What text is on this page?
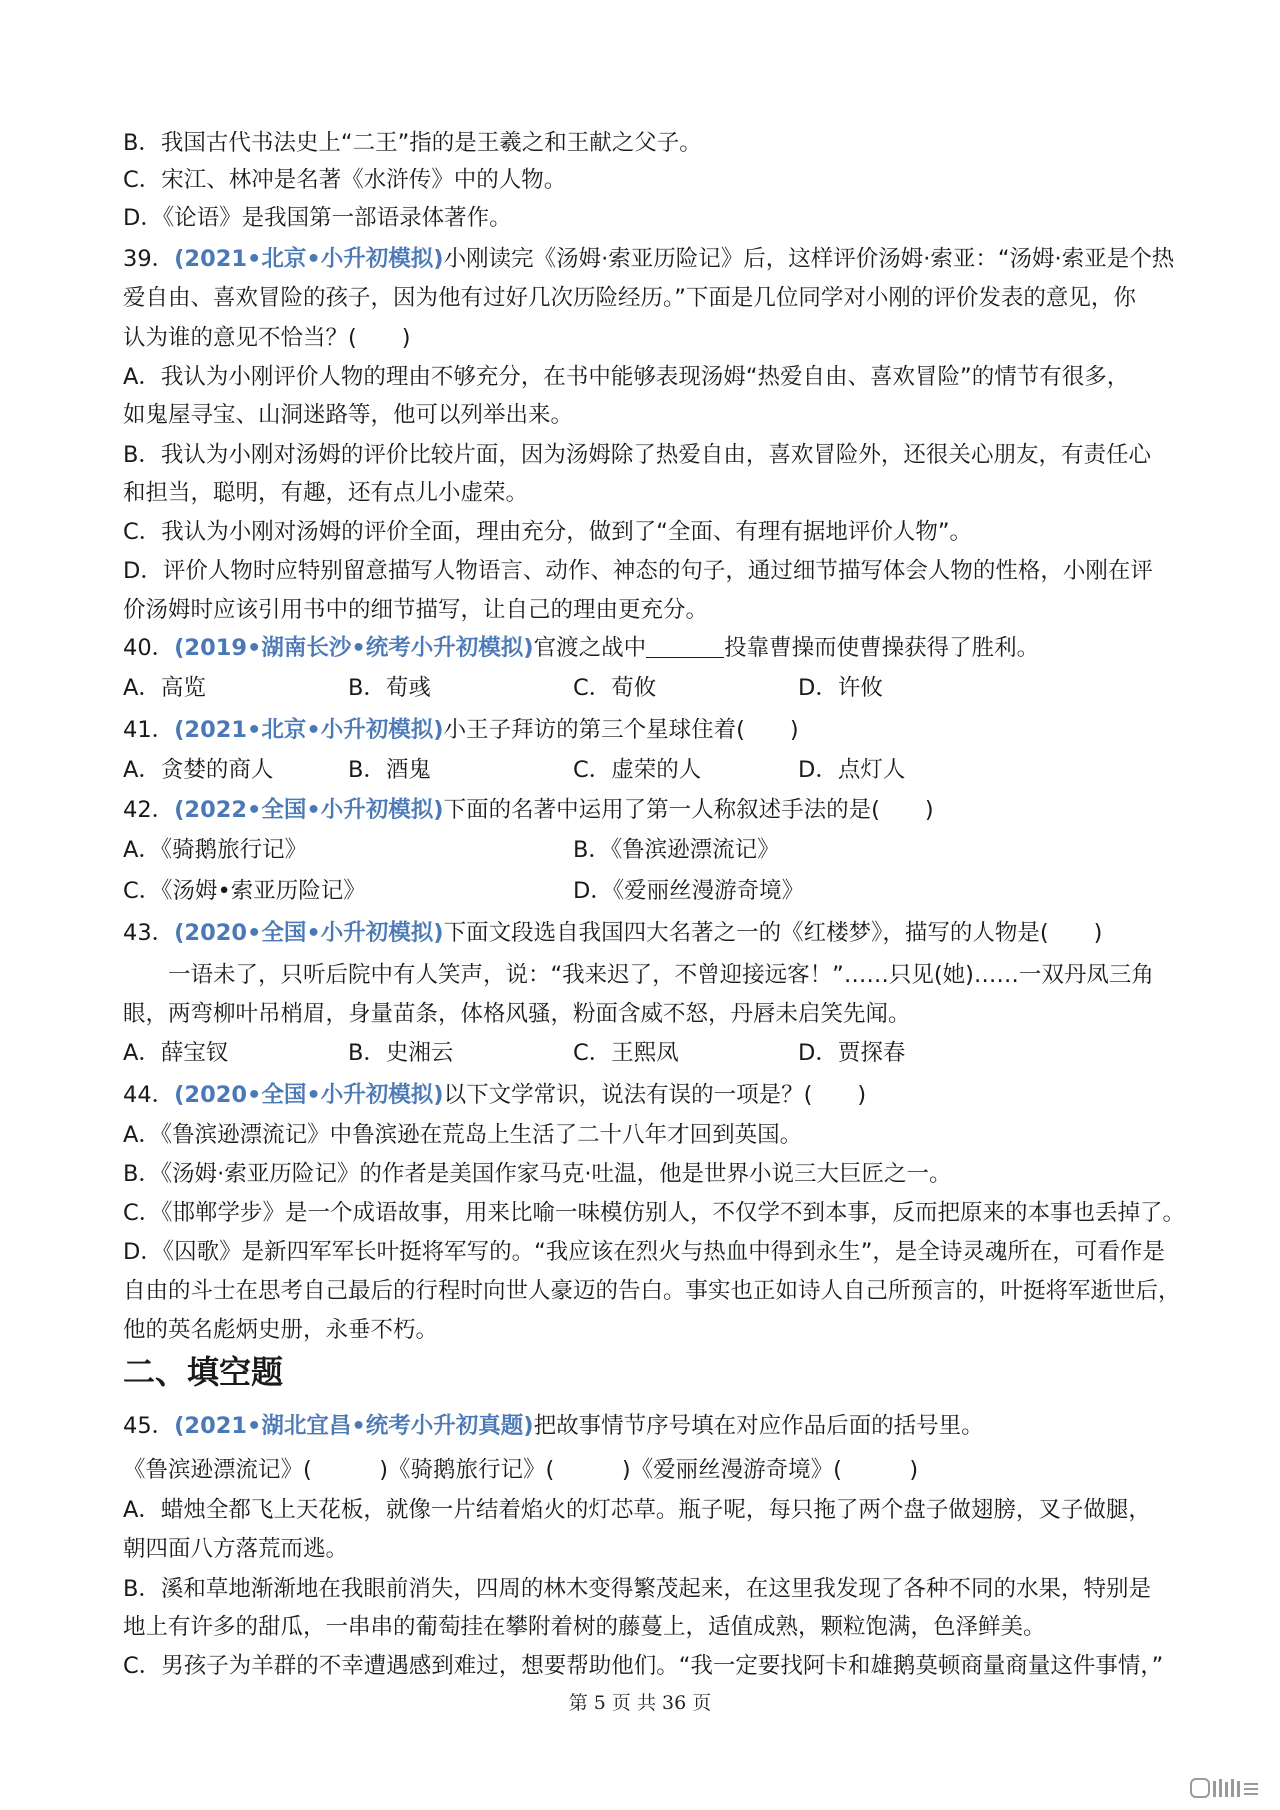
B．我国古代书法史上“二王”指的是王羲之和王献之父子。
C．宋江、林冲是名著《水浒传》中的人物。
D．《论语》是我国第一部语录体著作。
39．(2021•北京•小升初模拟)小刚读完《汤姆·索亚历险记》后，这样评价汤姆·索亚：“汤姆·索亚是个热
爱自由、喜欢冒险的孩子，因为他有过好几次历险经历。”下面是几位同学对小刚的评价发表的意见，你
认为谁的意见不恰当？(　　)
A．我认为小刚评价人物的理由不够充分，在书中能够表现汤姆“热爱自由、喜欢冒险”的情节有很多，
如鬼屋寻宝、山洞迷路等，他可以列举出来。
B．我认为小刚对汤姆的评价比较片面，因为汤姆除了热爱自由，喜欢冒险外，还很关心朋友，有责任心
和担当，聪明，有趣，还有点儿小虚荣。
C．我认为小刚对汤姆的评价全面，理由充分，做到了“全面、有理有据地评价人物”。
D．评价人物时应特别留意描写人物语言、动作、神态的句子，通过细节描写体会人物的性格，小刚在评
价汤姆时应该引用书中的细节描写，让自己的理由更充分。
40．(2019•湖南长沙•统考小升初模拟)官渡之战中	投靠曹操而使曹操获得了胜利。
A．高览	B．荀彧	C．荀攸	D．许攸
41．(2021•北京•小升初模拟)小王子拜访的第三个星球住着(　　)
A．贪婪的商人	B．酒鬼	C．虚荣的人	D．点灯人
42．(2022•全国•小升初模拟)下面的名著中运用了第一人称叙述手法的是(　　)
A．《骑鹅旅行记》	B．《鲁滨逊漂流记》
C．《汤姆•索亚历险记》	D．《爱丽丝漫游奇境》
43．(2020•全国•小升初模拟)下面文段选自我国四大名著之一的《红楼梦》，描写的人物是(　　)
一语未了，只听后院中有人笑声，说：“我来迟了，不曾迎接远客！”……只见(她)……一双丹凤三角
眼，两弯柳叶吊梢眉，身量苗条，体格风骚，粉面含威不怒，丹唇未启笑先闻。
A．薛宝钗	B．史湘云	C．王熙凤	D．贾探春
44．(2020•全国•小升初模拟)以下文学常识，说法有误的一项是？(　　)
A．《鲁滨逊漂流记》中鲁滨逊在荒岛上生活了二十八年才回到英国。
B．《汤姆·索亚历险记》的作者是美国作家马克·吐温，他是世界小说三大巨匠之一。
C．《邯郸学步》是一个成语故事，用来比喻一味模仿别人，不仅学不到本事，反而把原来的本事也丢掉了。
D．《囚歌》是新四军军长叶挺将军写的。“我应该在烈火与热血中得到永生”，是全诗灵魂所在，可看作是
自由的斗士在思考自己最后的行程时向世人豪迈的告白。事实也正如诗人自己所预言的，叶挺将军逝世后，
他的英名彪炳史册，永垂不朽。
二、填空题
45．(2021•湖北宜昌•统考小升初真题)把故事情节序号填在对应作品后面的括号里。
《鲁滨逊漂流记》(　　　)《骑鹅旅行记》(　　　)《爱丽丝漫游奇境》(　　　)
A．蜡烛全都飞上天花板，就像一片结着焰火的灯芯草。瓶子呢，每只拖了两个盘子做翅膀，叉子做腿，
朝四面八方落荒而逃。
B．溪和草地渐渐地在我眼前消失，四周的林木变得繁茂起来，在这里我发现了各种不同的水果，特别是
地上有许多的甜瓜，一串串的葡萄挂在攀附着树的藤蔓上，适值成熟，颗粒饱满，色泽鲜美。
C．男孩子为羊群的不幸遭遇感到难过，想要帮助他们。“我一定要找阿卡和雄鹅莫顿商量商量这件事情，”
第 5 页 共 36 页
